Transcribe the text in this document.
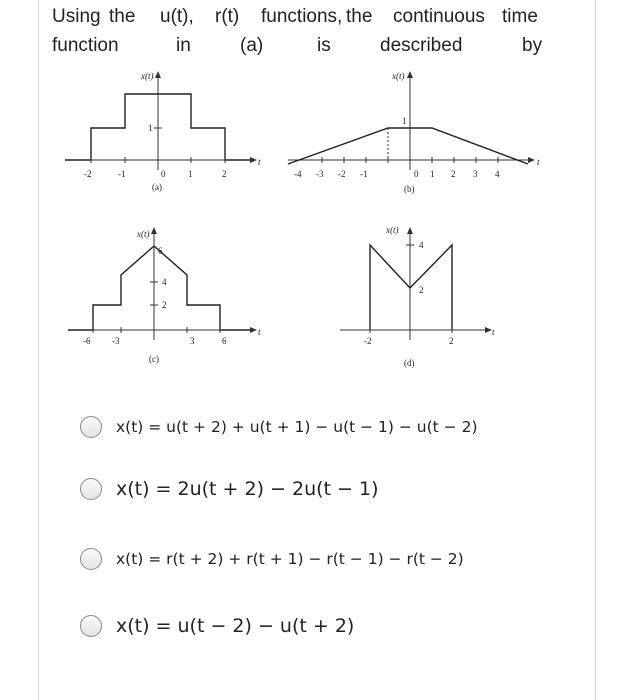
Using

the

u(t),

r(t)

functions,

the

continuous

time

function

	in

	(a)

	is

	described

	by

x(t)
t
1
-2	-1	0	1	2
(a)
x(t)
t
1
-4 -3 -2 -1	0 1 2 3 4
(b)
x(t)
t
6
4
2
-6 -3	3	6
(c)
x(t)
t
4
2
-2	2
(d)
x(t) = u(t + 2) + u(t + 1) − u(t − 1) − u(t − 2)
x(t) = 2u(t + 2) − 2u(t − 1)
x(t) = r(t + 2) + r(t + 1) − r(t − 1) − r(t − 2)
x(t) = u(t − 2) − u(t + 2)
